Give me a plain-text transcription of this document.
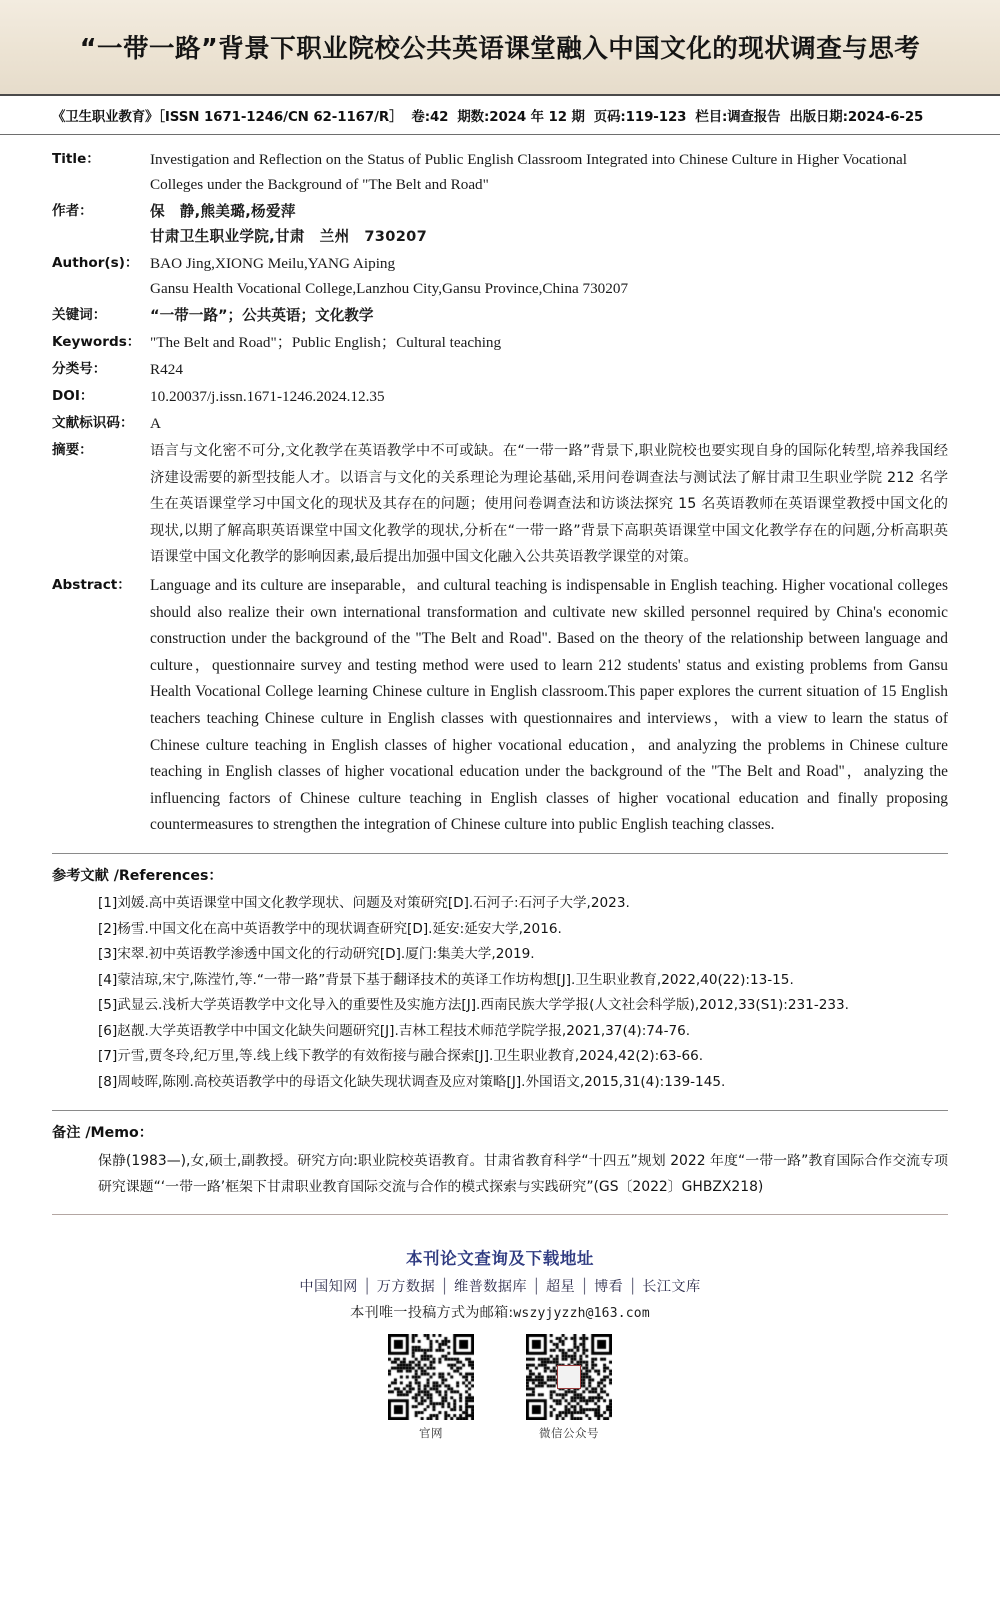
“一带一路”背景下职业院校公共英语课堂融入中国文化的现状调查与思考
《卫生职业教育》［ISSN 1671-1246/CN 62-1167/R］ 卷:42 期数:2024 年 12 期 页码:119-123 栏目:调查报告 出版日期:2024-6-25
Title：	Investigation and Reflection on the Status of Public English Classroom Integrated into Chinese Culture in Higher Vocational
Colleges under the Background of "The Belt and Road"
作者：	保　静,熊美璐,杨爱萍
甘肃卫生职业学院,甘肃　兰州　730207
Author(s)： BAO Jing,XIONG Meilu,YANG Aiping
Gansu Health Vocational College,Lanzhou City,Gansu Province,China 730207
关键词：	“一带一路”；公共英语；文化教学
Keywords： "The Belt and Road"；Public English；Cultural teaching
分类号：	R424
DOI：	10.20037/j.issn.1671-1246.2024.12.35
文献标识码：	A
摘要：	语言与文化密不可分,文化教学在英语教学中不可或缺。在“一带一路”背景下,职业院校也要实现自身的国际化转型,培养我国经济建设需要的新型技能人才。以语言与文化的关系理论为理论基础,采用问卷调查法与测试法了解甘肃卫生职业学院 212 名学生在英语课堂学习中国文化的现状及其存在的问题；使用问卷调查法和访谈法探究 15 名英语教师在英语课堂教授中国文化的现状,以期了解高职英语课堂中国文化教学的现状,分析在“一带一路”背景下高职英语课堂中国文化教学存在的问题,分析高职英语课堂中国文化教学的影响因素,最后提出加强中国文化融入公共英语教学课堂的对策。
Abstract：	Language and its culture are inseparable，and cultural teaching is indispensable in English teaching. Higher vocational colleges should also realize their own international transformation and cultivate new skilled personnel required by China's economic construction under the background of the "The Belt and Road". Based on the theory of the relationship between language and culture，questionnaire survey and testing method were used to learn 212 students' status and existing problems from Gansu Health Vocational College learning Chinese culture in English classroom.This paper explores the current situation of 15 English teachers teaching Chinese culture in English classes with questionnaires and interviews，with a view to learn the status of Chinese culture teaching in English classes of higher vocational education，and analyzing the problems in Chinese culture teaching in English classes of higher vocational education under the background of the "The Belt and Road"，analyzing the influencing factors of Chinese culture teaching in English classes of higher vocational education and finally proposing countermeasures to strengthen the integration of Chinese culture into public English teaching classes.
参考文献 /References：
[1]刘媛.高中英语课堂中国文化教学现状、问题及对策研究[D].石河子:石河子大学,2023.
[2]杨雪.中国文化在高中英语教学中的现状调查研究[D].延安:延安大学,2016.
[3]宋翠.初中英语教学渗透中国文化的行动研究[D].厦门:集美大学,2019.
[4]蒙洁琼,宋宁,陈滢竹,等.“一带一路”背景下基于翻译技术的英译工作坊构想[J].卫生职业教育,2022,40(22):13-15.
[5]武显云.浅析大学英语教学中文化导入的重要性及实施方法[J].西南民族大学学报(人文社会科学版),2012,33(S1):231-233.
[6]赵靓.大学英语教学中中国文化缺失问题研究[J].吉林工程技术师范学院学报,2021,37(4):74-76.
[7]亓雪,贾冬玲,纪万里,等.线上线下教学的有效衔接与融合探索[J].卫生职业教育,2024,42(2):63-66.
[8]周岐晖,陈刚.高校英语教学中的母语文化缺失现状调查及应对策略[J].外国语文,2015,31(4):139-145.
备注 /Memo：
保静(1983—),女,硕士,副教授。研究方向:职业院校英语教育。甘肃省教育科学“十四五”规划 2022 年度“一带一路”教育国际合作交流专项研究课题“‘一带一路’框架下甘肃职业教育国际交流与合作的模式探索与实践研究”(GS〔2022〕GHBZX218)
本刊论文查询及下载地址
中国知网 │ 万方数据 │ 维普数据库 │ 超星 │ 博看 │ 长江文库
本刊唯一投稿方式为邮箱:wszyjyzzh@163.com
官网	微信公众号
